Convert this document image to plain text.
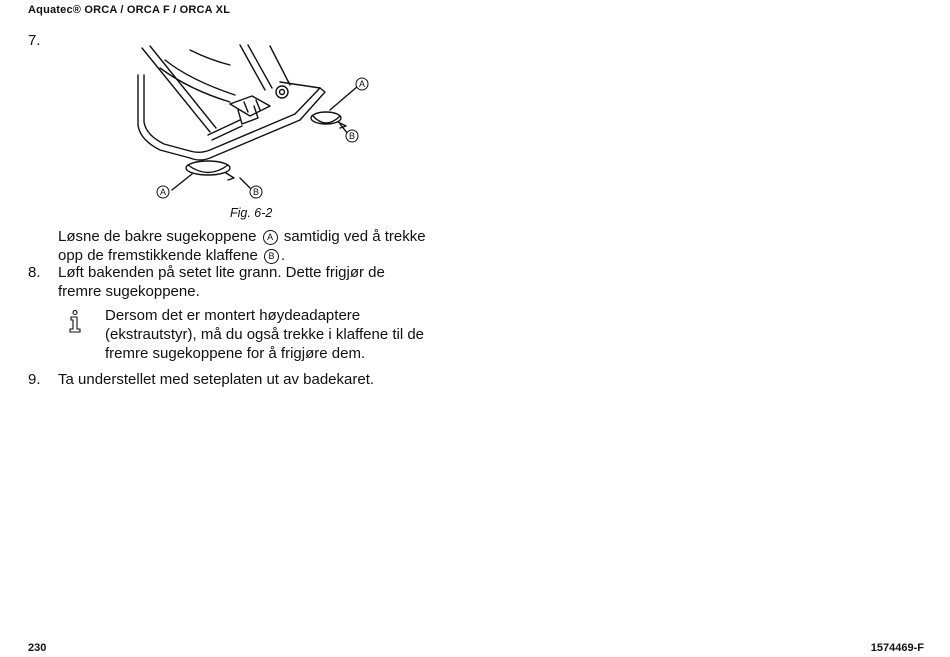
Aquatec® ORCA / ORCA F / ORCA XL
7.
A	B
A
B
Fig. 6-2
Løsne de bakre sugekoppene A samtidig ved å trekke
opp de fremstikkende klaffene B .
8. Løft bakenden på setet lite grann. Dette frigjør de
fremre sugekoppene.
Dersom det er montert høydeadaptere
(ekstrautstyr), må du også trekke i klaffene til de
fremre sugekoppene for å frigjøre dem.
9. Ta understellet med seteplaten ut av badekaret.
230	1574469-F
